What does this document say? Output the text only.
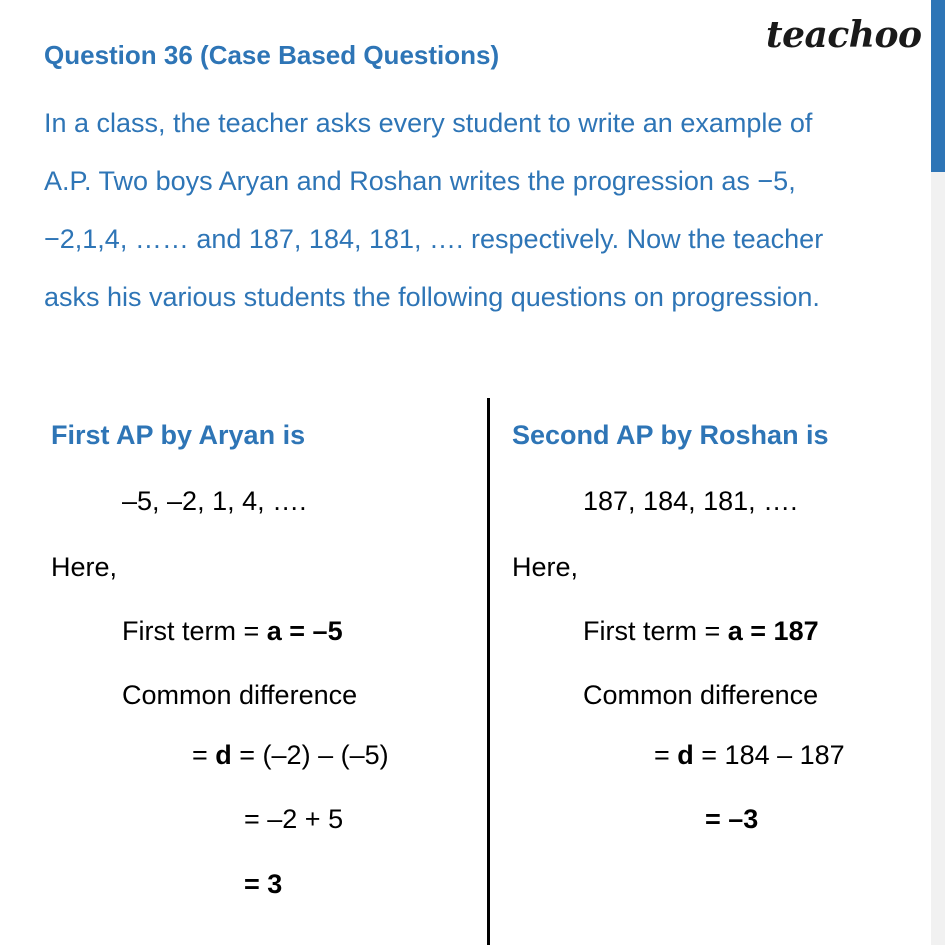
teachoo
Question 36 (Case Based Questions)
In a class, the teacher asks every student to write an example of
A.P. Two boys Aryan and Roshan writes the progression as −5,
−2,1,4, …… and 187, 184, 181, …. respectively. Now the teacher
asks his various students the following questions on progression.
First AP by Aryan is
–5, –2, 1, 4, ….
Here,
First term = a = –5
Common difference
= d = (–2) – (–5)
= –2 + 5
= 3
Second AP by Roshan is
187, 184, 181, ….
Here,
First term = a = 187
Common difference
= d = 184 – 187
= –3
